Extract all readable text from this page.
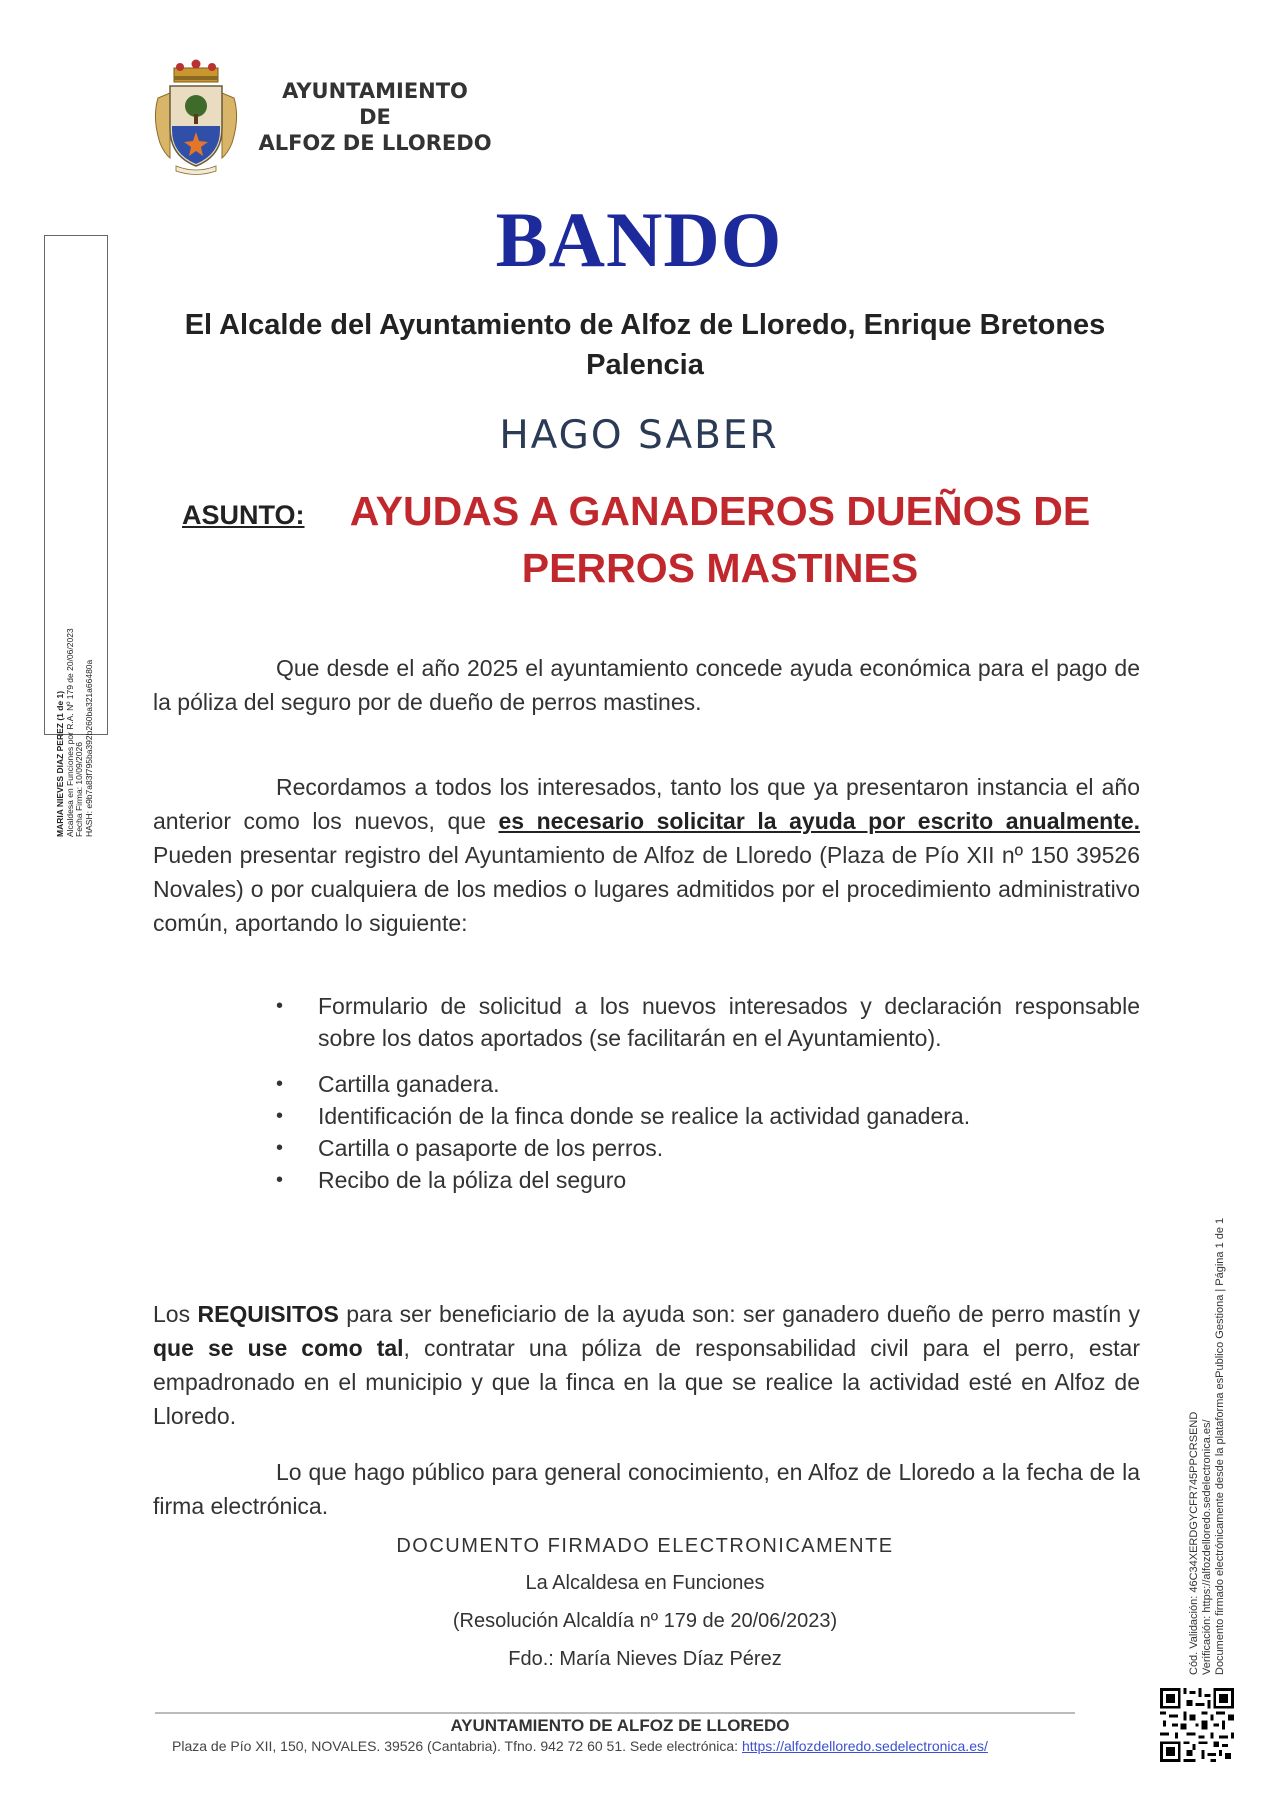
AYUNTAMIENTO
DE
ALFOZ DE LLOREDO
BANDO
El Alcalde del Ayuntamiento de Alfoz de Lloredo, Enrique Bretones
Palencia
HAGO SABER
ASUNTO:	AYUDAS A GANADEROS DUEÑOS DE
PERROS MASTINES
Que desde el año 2025 el ayuntamiento concede ayuda económica para el pago de la póliza del seguro por de dueño de perros mastines.
Recordamos a todos los interesados, tanto los que ya presentaron instancia el año anterior como los nuevos, que es necesario solicitar la ayuda por escrito anualmente. Pueden presentar registro del Ayuntamiento de Alfoz de Lloredo (Plaza de Pío XII nº 150 39526 Novales) o por cualquiera de los medios o lugares admitidos por el procedimiento administrativo común, aportando lo siguiente:
• Formulario de solicitud a los nuevos interesados y declaración responsable sobre los datos aportados (se facilitarán en el Ayuntamiento).
• Cartilla ganadera.
• Identificación de la finca donde se realice la actividad ganadera.
• Cartilla o pasaporte de los perros.
• Recibo de la póliza del seguro
Los REQUISITOS para ser beneficiario de la ayuda son: ser ganadero dueño de perro mastín y que se use como tal, contratar una póliza de responsabilidad civil para el perro, estar empadronado en el municipio y que la finca en la que se realice la actividad esté en Alfoz de Lloredo.
Lo que hago público para general conocimiento, en Alfoz de Lloredo a la fecha de la firma electrónica.
DOCUMENTO FIRMADO ELECTRONICAMENTE
La Alcaldesa en Funciones
(Resolución Alcaldía nº 179 de 20/06/2023)
Fdo.: María Nieves Díaz Pérez
AYUNTAMIENTO DE ALFOZ DE LLOREDO
Plaza de Pío XII, 150, NOVALES. 39526 (Cantabria). Tfno. 942 72 60 51. Sede electrónica: https://alfozdelloredo.sedelectronica.es/
MARIA NIEVES DIAZ PEREZ (1 de 1) Alcaldesa en Funciones por R.A. Nº 179 de 20/06/2023 Fecha Firma: 10/09/2026 HASH: e9b7a83f795ba392b260ba321a66480a
Cód. Validación: 46C34XERDGYCFR745PPCRSEND Verificación: https://alfozdelloredo.sedelectronica.es/ Documento firmado electrónicamente desde la plataforma esPublico Gestiona | Página 1 de 1
